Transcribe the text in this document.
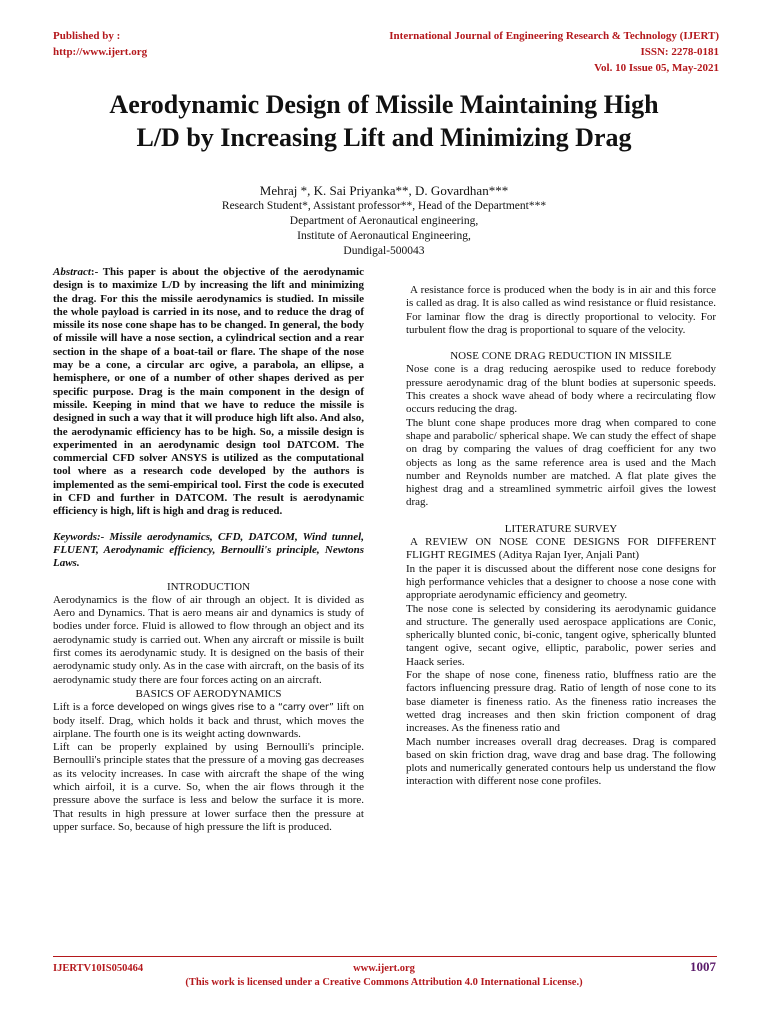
Published by :
http://www.ijert.org
International Journal of Engineering Research & Technology (IJERT)
ISSN: 2278-0181
Vol. 10 Issue 05, May-2021
Aerodynamic Design of Missile Maintaining High
L/D by Increasing Lift and Minimizing Drag
Mehraj *, K. Sai Priyanka**, D. Govardhan***
Research Student*, Assistant professor**, Head of the Department***
Department of Aeronautical engineering,
Institute of Aeronautical Engineering,
Dundigal-500043

Abstract:- This paper is about the objective of the aerodynamic design is to maximize L/D by increasing the lift and minimizing the drag. For this the missile aerodynamics is studied. In missile the whole payload is carried in its nose, and to reduce the drag of missile its nose cone shape has to be changed. In general, the body of missile will have a nose section, a cylindrical section and a rear section in the shape of a boat-tail or flare. The shape of the nose may be a cone, a circular arc ogive, a parabola, an ellipse, a hemisphere, or one of a number of other shapes derived as per specific purpose. Drag is the main component in the design of missile. Keeping in mind that we have to reduce the missile is designed in such a way that it will produce high lift also. And also, the aerodynamic efficiency has to be high. So, a missile design is experimented in an aerodynamic design tool DATCOM. The commercial CFD solver ANSYS is utilized as the computational tool where as a research code developed by the authors is implemented as the semi-empirical tool. First the code is executed in CFD and further in DATCOM. The result is aerodynamic efficiency is high, lift is high and drag is reduced.

Keywords:- Missile aerodynamics, CFD, DATCOM, Wind tunnel, FLUENT, Aerodynamic efficiency, Bernoulli's principle, Newtons Laws.

INTRODUCTION

Aerodynamics is the flow of air through an object. It is divided as Aero and Dynamics. That is aero means air and dynamics is study of bodies under force. Fluid is allowed to flow through an object and its aerodynamic study is carried out. When any aircraft or missile is built first comes its aerodynamic study. It is designed on the basis of their aerodynamic study only. As in the case with aircraft, on the basis of its aerodynamic study there are four forces acting on an aircraft.

BASICS OF AERODYNAMICS

Lift is a force developed on wings gives rise to a “carry over” lift on body itself. Drag, which holds it back and thrust, which moves the airplane. The fourth one is its weight acting downwards.

Lift can be properly explained by using Bernoulli's principle. Bernoulli's principle states that the pressure of a moving gas decreases as its velocity increases. In case with aircraft the shape of the wing which airfoil, it is a curve. So, when the air flows through it the pressure above the surface is less and below the surface it is more. That results in high pressure at lower surface then the pressure at upper surface. So, because of high pressure the lift is produced.

A resistance force is produced when the body is in air and this force is called as drag. It is also called as wind resistance or fluid resistance. For laminar flow the drag is directly proportional to velocity. For turbulent flow the drag is proportional to square of the velocity.

NOSE CONE DRAG REDUCTION IN MISSILE

Nose cone is a drag reducing aerospike used to reduce forebody pressure aerodynamic drag of the blunt bodies at supersonic speeds. This creates a shock wave ahead of body where a recirculating flow occurs reducing the drag.

The blunt cone shape produces more drag when compared to cone shape and parabolic/ spherical shape. We can study the effect of shape on drag by comparing the values of drag coefficient for any two objects as long as the same reference area is used and the Mach number and Reynolds number are matched. A flat plate gives the highest drag and a streamlined symmetric airfoil gives the lowest drag.

LITERATURE SURVEY

A REVIEW ON NOSE CONE DESIGNS FOR DIFFERENT FLIGHT REGIMES (Aditya Rajan Iyer, Anjali Pant)

In the paper it is discussed about the different nose cone designs for high performance vehicles that a designer to choose a nose cone with appropriate aerodynamic efficiency and geometry.

The nose cone is selected by considering its aerodynamic guidance and structure. The generally used aerospace applications are Conic, spherically blunted conic, bi-conic, tangent ogive, spherically blunted tangent ogive, secant ogive, elliptic, parabolic, power series and Haack series.

For the shape of nose cone, fineness ratio, bluffness ratio are the factors influencing pressure drag. Ratio of length of nose cone to its base diameter is fineness ratio. As the fineness ratio increases the wetted drag increases and then skin friction component of drag increases. As the fineness ratio and

Mach number increases overall drag decreases. Drag is compared based on skin friction drag, wave drag and base drag. The following plots and numerically generated contours help us understand the flow interaction with different nose cone profiles.

IJERTV10IS050464	www.ijert.org	1007
(This work is licensed under a Creative Commons Attribution 4.0 International License.)
